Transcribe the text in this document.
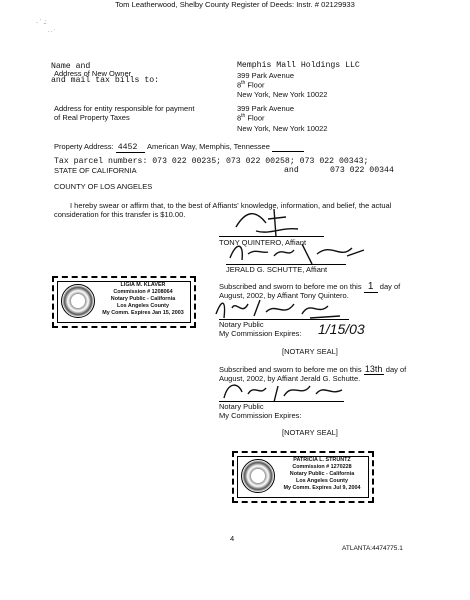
Tom Leatherwood, Shelby County Register of Deeds: Instr. # 02129933
· ˙ .:
· · ˙
Name and
Address of New Owner
and mail tax bills to:
Memphis Mall Holdings LLC
399 Park Avenue
8th Floor
New York, New York 10022
Address for entity responsible for payment
of Real Property Taxes
399 Park Avenue
8th Floor
New York, New York 10022
Property Address: 4452 American Way, Memphis, Tennessee
Tax parcel numbers: 073 022 00235; 073 022 00258; 073 022 00343;
STATE OF CALIFORNIA	and	073 022 00344
COUNTY OF LOS ANGELES
I hereby swear or affirm that, to the best of Affiants' knowledge, information, and belief, the actual
consideration for this transfer is $10.00.
TONY QUINTERO, Affiant
JERALD G. SCHUTTE, Affiant
LIGIA M. KLAVER
Commission # 1208064
Notary Public - California
Los Angeles County
My Comm. Expires Jan 15, 2003
Subscribed and sworn to before me on this 1 day of
August, 2002, by Affiant Tony Quintero.
Notary Public
My Commission Expires: 1/15/03
[NOTARY SEAL]
Subscribed and sworn to before me on this 13th day of
August, 2002, by Affiant Jerald G. Schutte.
Notary Public
My Commission Expires:
[NOTARY SEAL]
PATRICIA L. STRUNTZ
Commission # 1270228
Notary Public - California
Los Angeles County
My Comm. Expires Jul 9, 2004
4
ATLANTA:4474775.1
